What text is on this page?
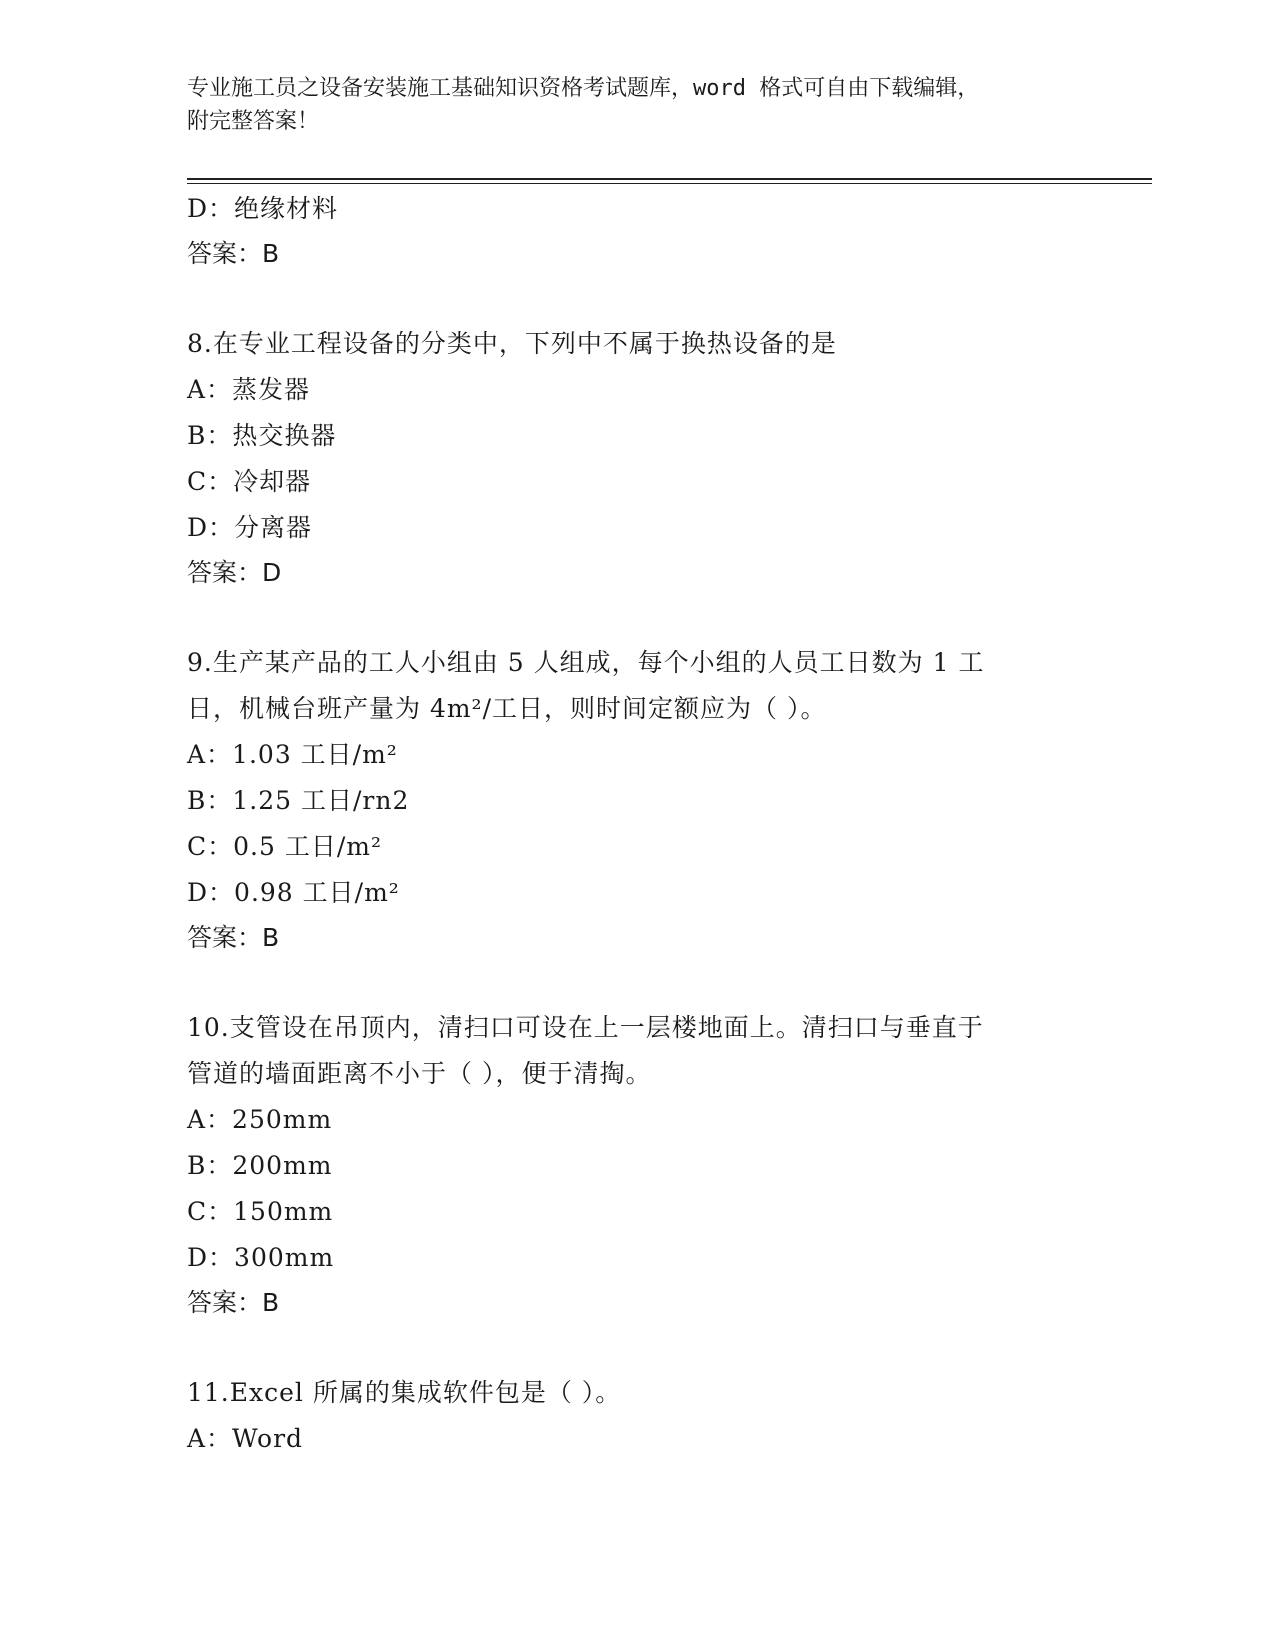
专业施工员之设备安装施工基础知识资格考试题库，word 格式可自由下载编辑，
附完整答案！
D：绝缘材料
答案：B
8.在专业工程设备的分类中，下列中不属于换热设备的是
A：蒸发器
B：热交换器
C：冷却器
D：分离器
答案：D
9.生产某产品的工人小组由 5 人组成，每个小组的人员工日数为 1 工
日，机械台班产量为 4m²/工日，则时间定额应为（ ）。
A：1.03 工日/m²
B：1.25 工日/rn2
C：0.5 工日/m²
D：0.98 工日/m²
答案：B
10.支管设在吊顶内，清扫口可设在上一层楼地面上。清扫口与垂直于
管道的墙面距离不小于（ ），便于清掏。
A：250mm
B：200mm
C：150mm
D：300mm
答案：B
11.Excel 所属的集成软件包是（ ）。
A：Word
